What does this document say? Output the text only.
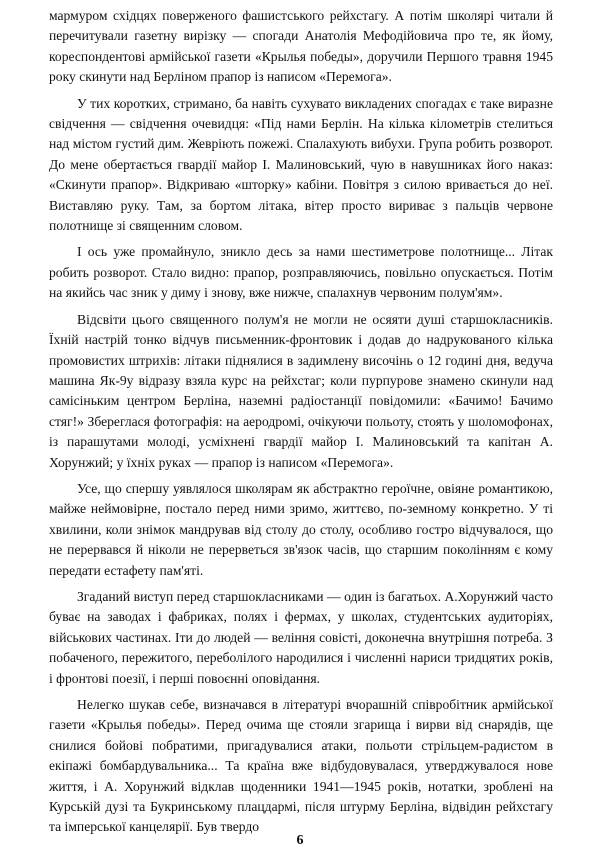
мармуром східцях поверженого фашистського рейхстагу. А потім школярі читали й перечитували газетну вирізку — спогади Анатолія Мефодійовича про те, як йому, кореспондентові армійської газети «Крылья победы», доручили Першого травня 1945 року скинути над Берліном прапор із написом «Перемога».

У тих коротких, стримано, ба навіть сухувато викладених спогадах є таке виразне свідчення — свідчення очевидця: «Під нами Берлін. На кілька кілометрів стелиться над містом густий дим. Жевріють пожежі. Спалахують вибухи. Група робить розворот. До мене обертається гвардії майор І. Малиновський, чую в навушниках його наказ: «Скинути прапор». Відкриваю «шторку» кабіни. Повітря з силою вривається до неї. Виставляю руку. Там, за бортом літака, вітер просто вириває з пальців червоне полотнище зі священним словом.

І ось уже промайнуло, зникло десь за нами шестиметрове полотнище... Літак робить розворот. Стало видно: прапор, розправляючись, повільно опускається. Потім на якийсь час зник у диму і знову, вже нижче, спалахнув червоним полум'ям».

Відсвіти цього священного полум'я не могли не осяяти душі старшокласників. Їхній настрій тонко відчув письменник-фронтовик і додав до надрукованого кілька промовистих штрихів: літаки піднялися в задимлену височінь о 12 годині дня, ведуча машина Як-9у відразу взяла курс на рейхстаг; коли пурпурове знамено скинули над самісіньким центром Берліна, наземні радіостанції повідомили: «Бачимо! Бачимо стяг!» Збереглася фотографія: на аеродромі, очікуючи польоту, стоять у шоломофонах, із парашутами молоді, усміхнені гвардії майор І. Малиновський та капітан А. Хорунжий; у їхніх руках — прапор із написом «Перемога».

Усе, що спершу уявлялося школярам як абстрактно героїчне, овіяне романтикою, майже неймовірне, постало перед ними зримо, життєво, по-земному конкретно. У ті хвилини, коли знімок мандрував від столу до столу, особливо гостро відчувалося, що не перервався й ніколи не перерветься зв'язок часів, що старшим поколінням є кому передати естафету пам'яті.

Згаданий виступ перед старшокласниками — один із багатьох. А.Хорунжий часто буває на заводах і фабриках, полях і фермах, у школах, студентських аудиторіях, військових частинах. Іти до людей — веління совісті, доконечна внутрішня потреба. З побаченого, пережитого, переболілого народилися і численні нариси тридцятих років, і фронтові поезії, і перші повоєнні оповідання.

Нелегко шукав себе, визначався в літературі вчорашній співробітник армійської газети «Крылья победы». Перед очима ще стояли згарища і вирви від снарядів, ще снилися бойові побратими, пригадувалися атаки, польоти стрільцем-радистом в екіпажі бомбардувальника... Та країна вже відбудовувалася, утверджувалося нове життя, і А. Хорунжий відклав щоденники 1941—1945 років, нотатки, зроблені на Курській дузі та Букринському плацдармі, після штурму Берліна, відвідин рейхстагу та імперської канцелярії. Був твердо

6
